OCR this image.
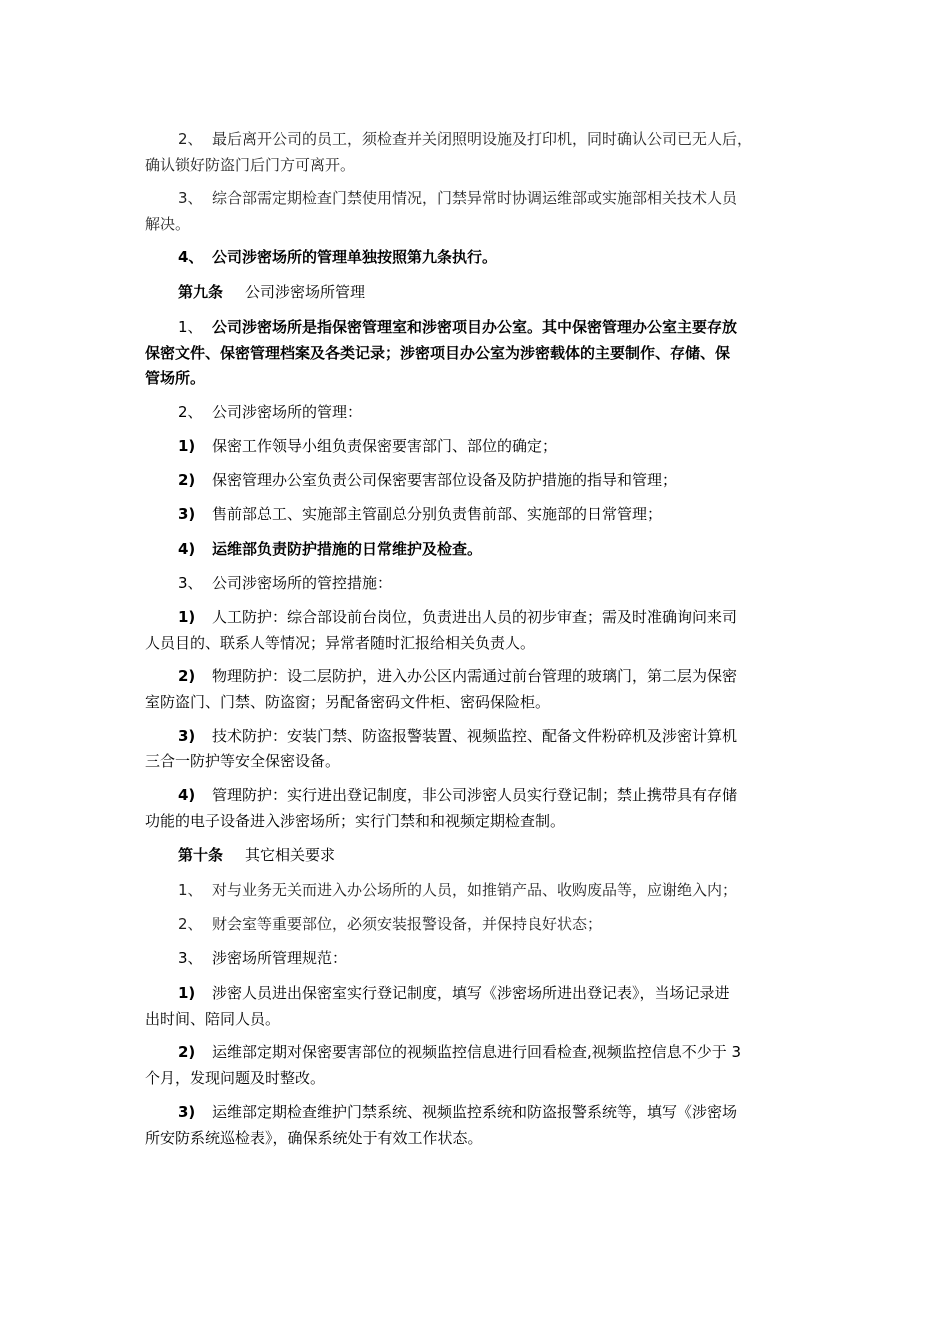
2、 最后离开公司的员工，须检查并关闭照明设施及打印机，同时确认公司已无人后，
确认锁好防盗门后门方可离开。
3、 综合部需定期检查门禁使用情况，门禁异常时协调运维部或实施部相关技术人员
解决。
4、 公司涉密场所的管理单独按照第九条执行。
第九条 公司涉密场所管理
1、 公司涉密场所是指保密管理室和涉密项目办公室。其中保密管理办公室主要存放
保密文件、保密管理档案及各类记录；涉密项目办公室为涉密载体的主要制作、存储、保
管场所。
2、 公司涉密场所的管理：
1) 保密工作领导小组负责保密要害部门、部位的确定；
2) 保密管理办公室负责公司保密要害部位设备及防护措施的指导和管理；
3) 售前部总工、实施部主管副总分别负责售前部、实施部的日常管理；
4) 运维部负责防护措施的日常维护及检查。
3、 公司涉密场所的管控措施：
1) 人工防护：综合部设前台岗位，负责进出人员的初步审查；需及时准确询问来司
人员目的、联系人等情况；异常者随时汇报给相关负责人。
2) 物理防护：设二层防护，进入办公区内需通过前台管理的玻璃门，第二层为保密
室防盗门、门禁、防盗窗；另配备密码文件柜、密码保险柜。
3) 技术防护：安装门禁、防盗报警装置、视频监控、配备文件粉碎机及涉密计算机
三合一防护等安全保密设备。
4) 管理防护：实行进出登记制度，非公司涉密人员实行登记制；禁止携带具有存储
功能的电子设备进入涉密场所；实行门禁和和视频定期检查制。
第十条 其它相关要求
1、 对与业务无关而进入办公场所的人员，如推销产品、收购废品等，应谢绝入内；
2、 财会室等重要部位，必须安装报警设备，并保持良好状态；
3、 涉密场所管理规范：
1) 涉密人员进出保密室实行登记制度，填写《涉密场所进出登记表》，当场记录进
出时间、陪同人员。
2) 运维部定期对保密要害部位的视频监控信息进行回看检查,视频监控信息不少于 3
个月，发现问题及时整改。
3) 运维部定期检查维护门禁系统、视频监控系统和防盗报警系统等，填写《涉密场
所安防系统巡检表》，确保系统处于有效工作状态。
